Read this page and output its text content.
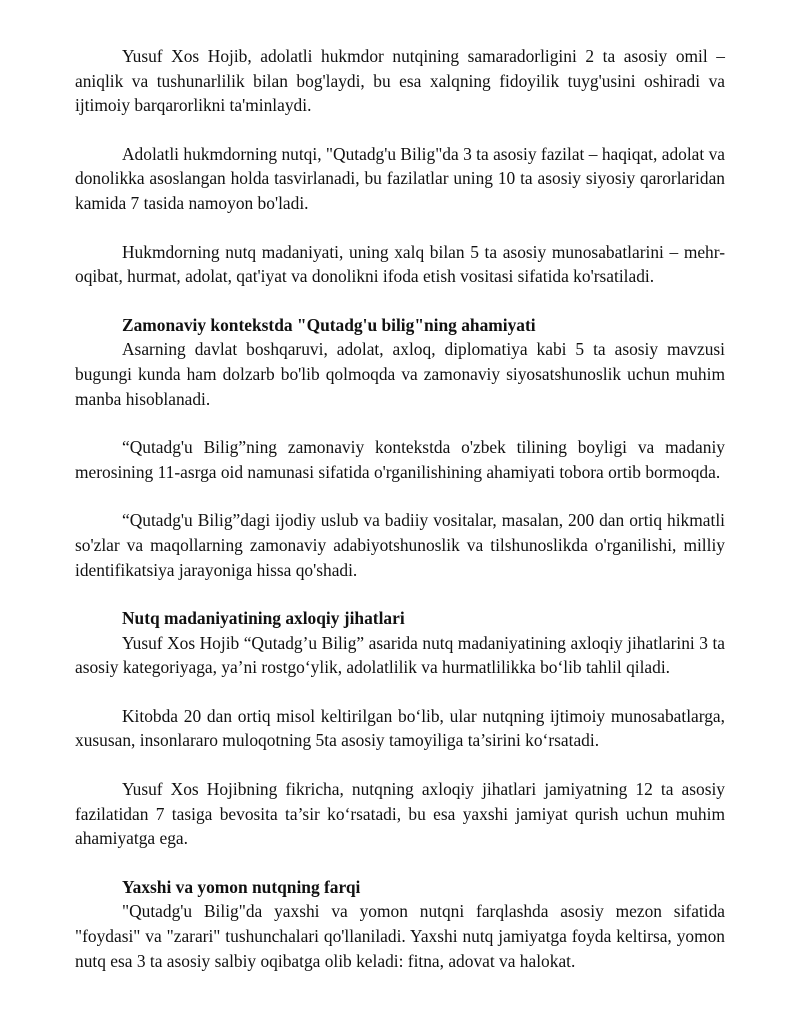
Yusuf Xos Hojib, adolatli hukmdor nutqining samaradorligini 2 ta asosiy omil – aniqlik va tushunarlilik bilan bog'laydi, bu esa xalqning fidoyilik tuyg'usini oshiradi va ijtimoiy barqarorlikni ta'minlaydi.

Adolatli hukmdorning nutqi, "Qutadg'u Bilig"da 3 ta asosiy fazilat – haqiqat, adolat va donolikka asoslangan holda tasvirlanadi, bu fazilatlar uning 10 ta asosiy siyosiy qarorlaridan kamida 7 tasida namoyon bo'ladi.

Hukmdorning nutq madaniyati, uning xalq bilan 5 ta asosiy munosabatlarini – mehr-oqibat, hurmat, adolat, qat'iyat va donolikni ifoda etish vositasi sifatida ko'rsatiladi.

Zamonaviy kontekstda "Qutadg'u bilig"ning ahamiyati

Asarning davlat boshqaruvi, adolat, axloq, diplomatiya kabi 5 ta asosiy mavzusi bugungi kunda ham dolzarb bo'lib qolmoqda va zamonaviy siyosatshunoslik uchun muhim manba hisoblanadi.

“Qutadg'u Bilig”ning zamonaviy kontekstda o'zbek tilining boyligi va madaniy merosining 11-asrga oid namunasi sifatida o'rganilishining ahamiyati tobora ortib bormoqda.

“Qutadg'u Bilig”dagi ijodiy uslub va badiiy vositalar, masalan, 200 dan ortiq hikmatli so'zlar va maqollarning zamonaviy adabiyotshunoslik va tilshunoslikda o'rganilishi, milliy identifikatsiya jarayoniga hissa qo'shadi.

Nutq madaniyatining axloqiy jihatlari

Yusuf Xos Hojib “Qutadg’u Bilig” asarida nutq madaniyatining axloqiy jihatlarini 3 ta asosiy kategoriyaga, ya’ni rostgo‘ylik, adolatlilik va hurmatlilikka bo‘lib tahlil qiladi.

Kitobda 20 dan ortiq misol keltirilgan bo‘lib, ular nutqning ijtimoiy munosabatlarga, xususan, insonlararo muloqotning 5ta asosiy tamoyiliga ta’sirini ko‘rsatadi.

Yusuf Xos Hojibning fikricha, nutqning axloqiy jihatlari jamiyatning 12 ta asosiy fazilatidan 7 tasiga bevosita ta’sir ko‘rsatadi, bu esa yaxshi jamiyat qurish uchun muhim ahamiyatga ega.

Yaxshi va yomon nutqning farqi

"Qutadg'u Bilig"da yaxshi va yomon nutqni farqlashda asosiy mezon sifatida "foydasi" va "zarari" tushunchalari qo'llaniladi. Yaxshi nutq jamiyatga foyda keltirsa, yomon nutq esa 3 ta asosiy salbiy oqibatga olib keladi: fitna, adovat va halokat.
